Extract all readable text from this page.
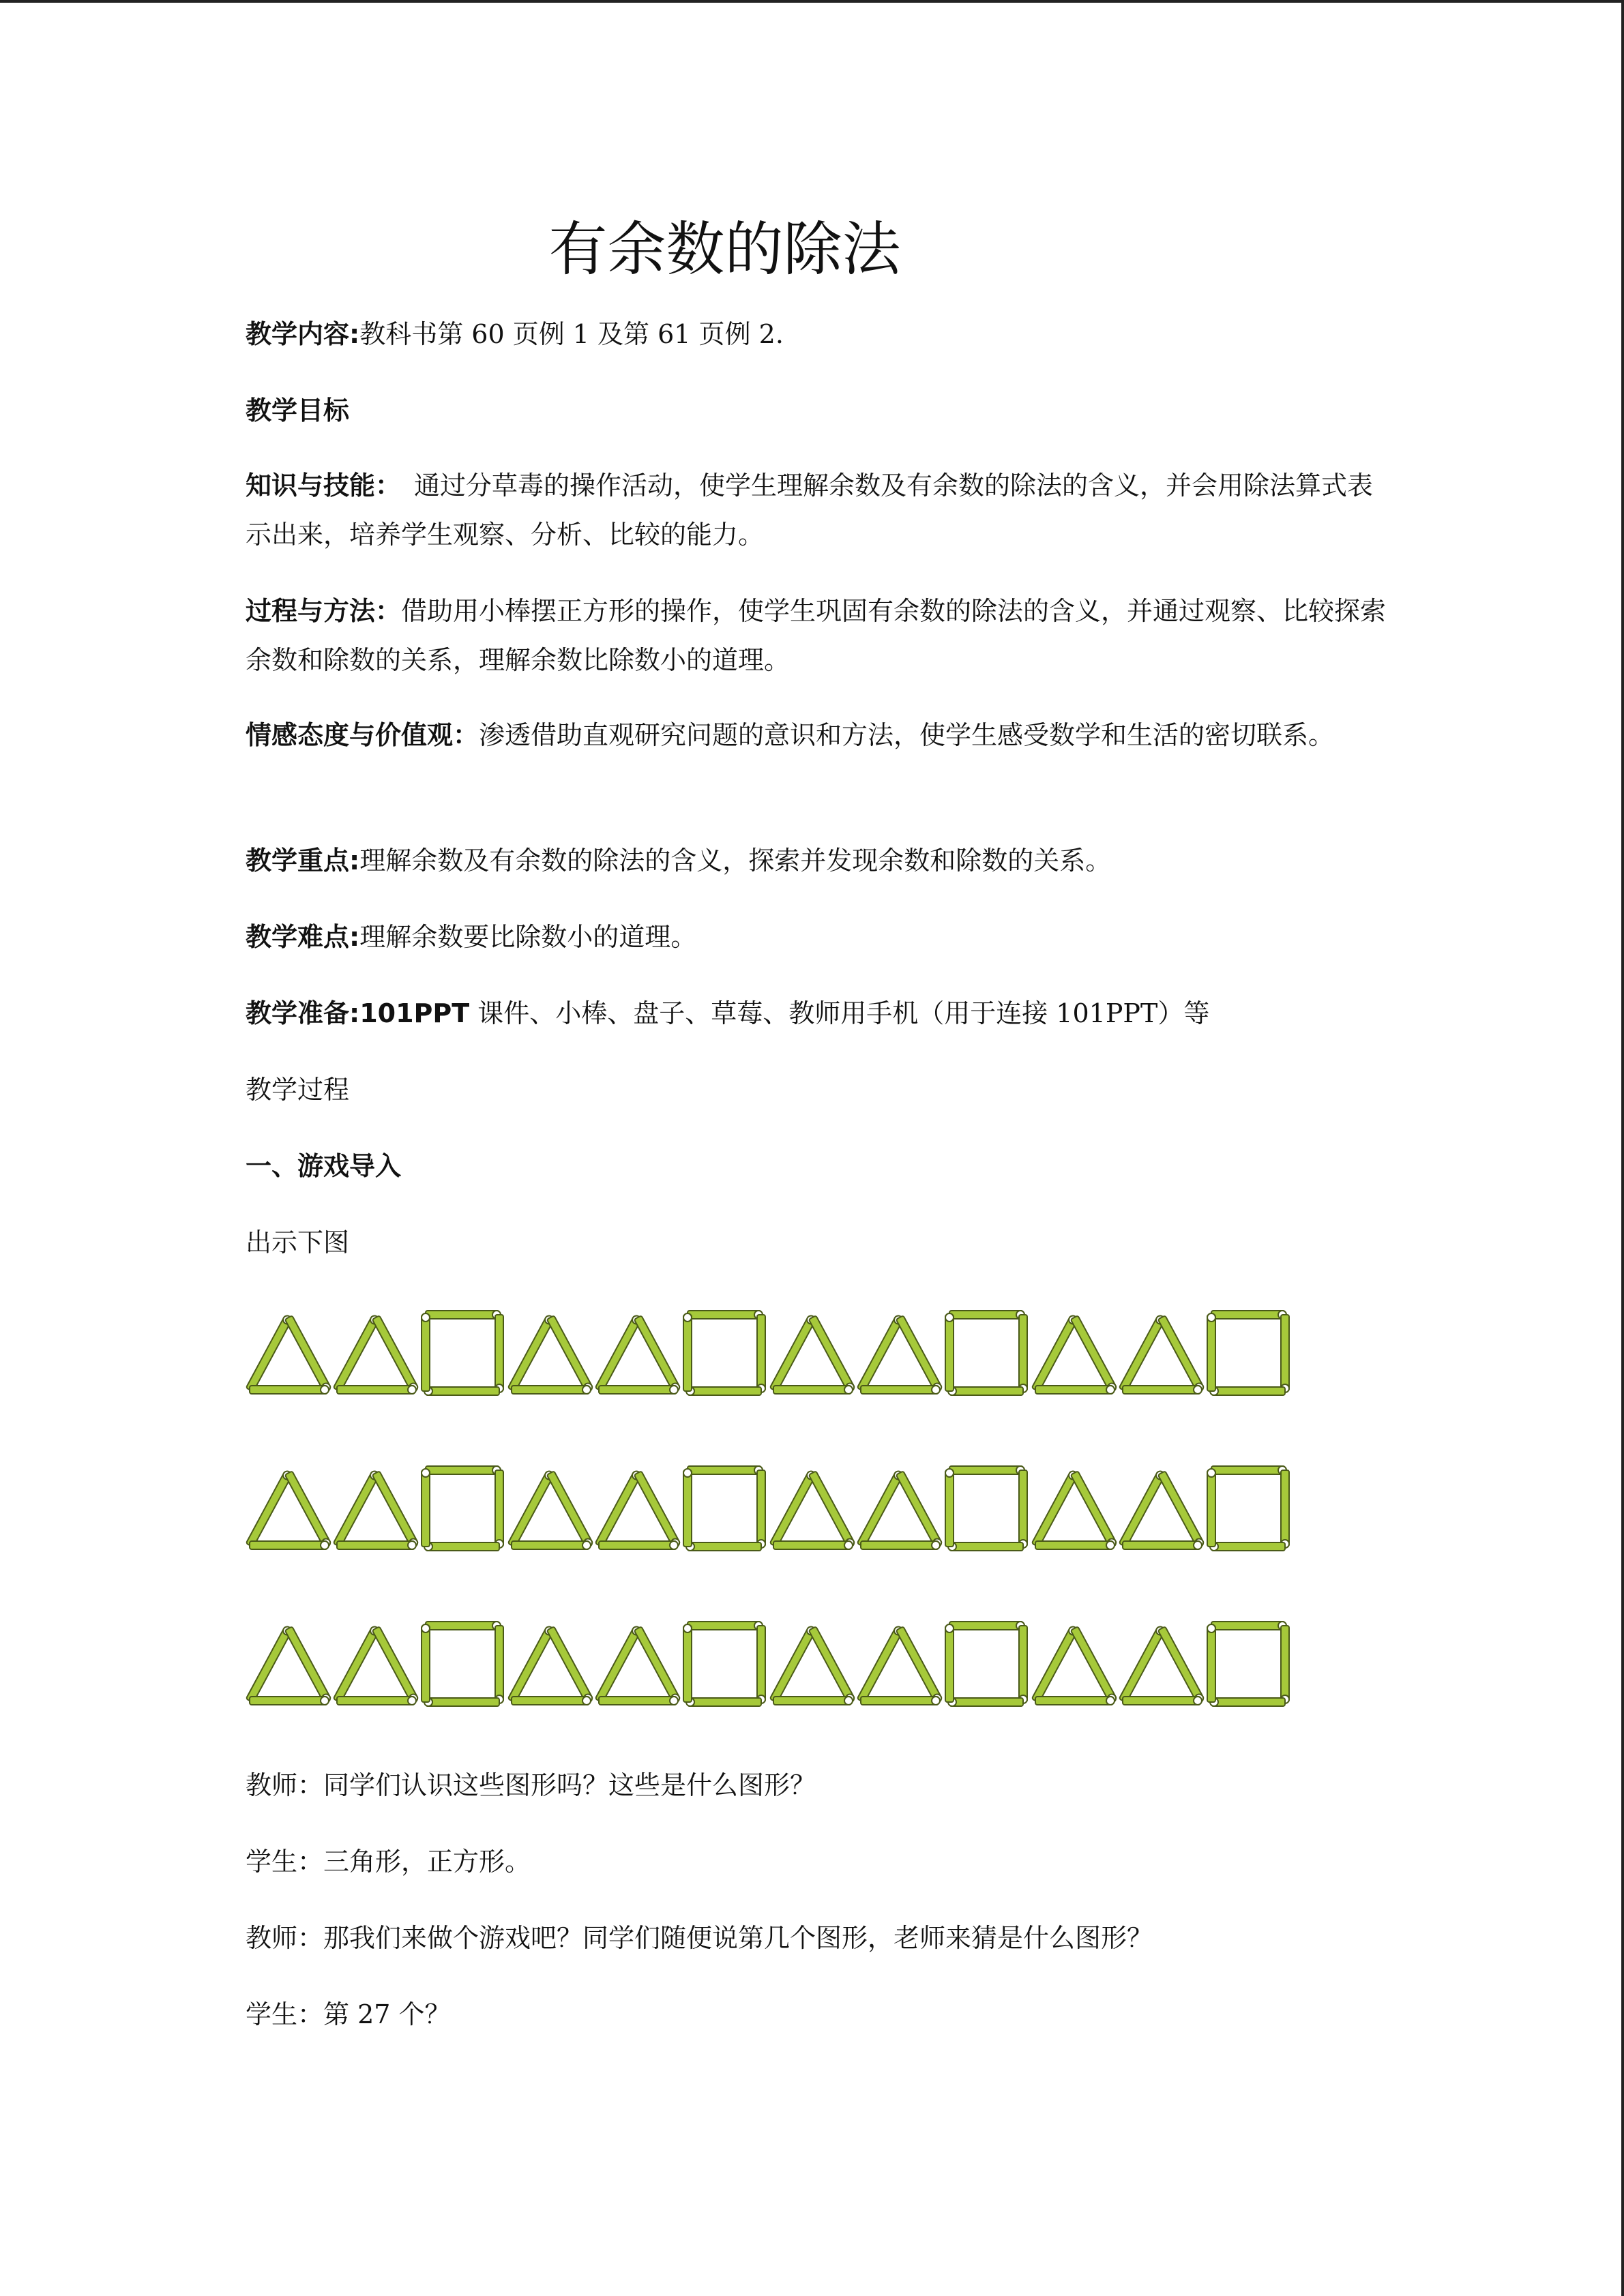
有余数的除法
教学内容:教科书第 60 页例 1 及第 61 页例 2.
教学目标
知识与技能：　通过分草毒的操作活动，使学生理解余数及有余数的除法的含义，并会用除法算式表示出来，培养学生观察、分析、比较的能力。
过程与方法：借助用小棒摆正方形的操作，使学生巩固有余数的除法的含义，并通过观察、比较探索余数和除数的关系，理解余数比除数小的道理。
情感态度与价值观：渗透借助直观研究问题的意识和方法，使学生感受数学和生活的密切联系。
教学重点:理解余数及有余数的除法的含义，探索并发现余数和除数的关系。
教学难点:理解余数要比除数小的道理。
教学准备:101PPT 课件、小棒、盘子、草莓、教师用手机（用于连接 101PPT）等
教学过程
一、游戏导入
出示下图
教师：同学们认识这些图形吗？这些是什么图形？
学生：三角形，正方形。
教师：那我们来做个游戏吧？同学们随便说第几个图形，老师来猜是什么图形？
学生：第 27 个？
